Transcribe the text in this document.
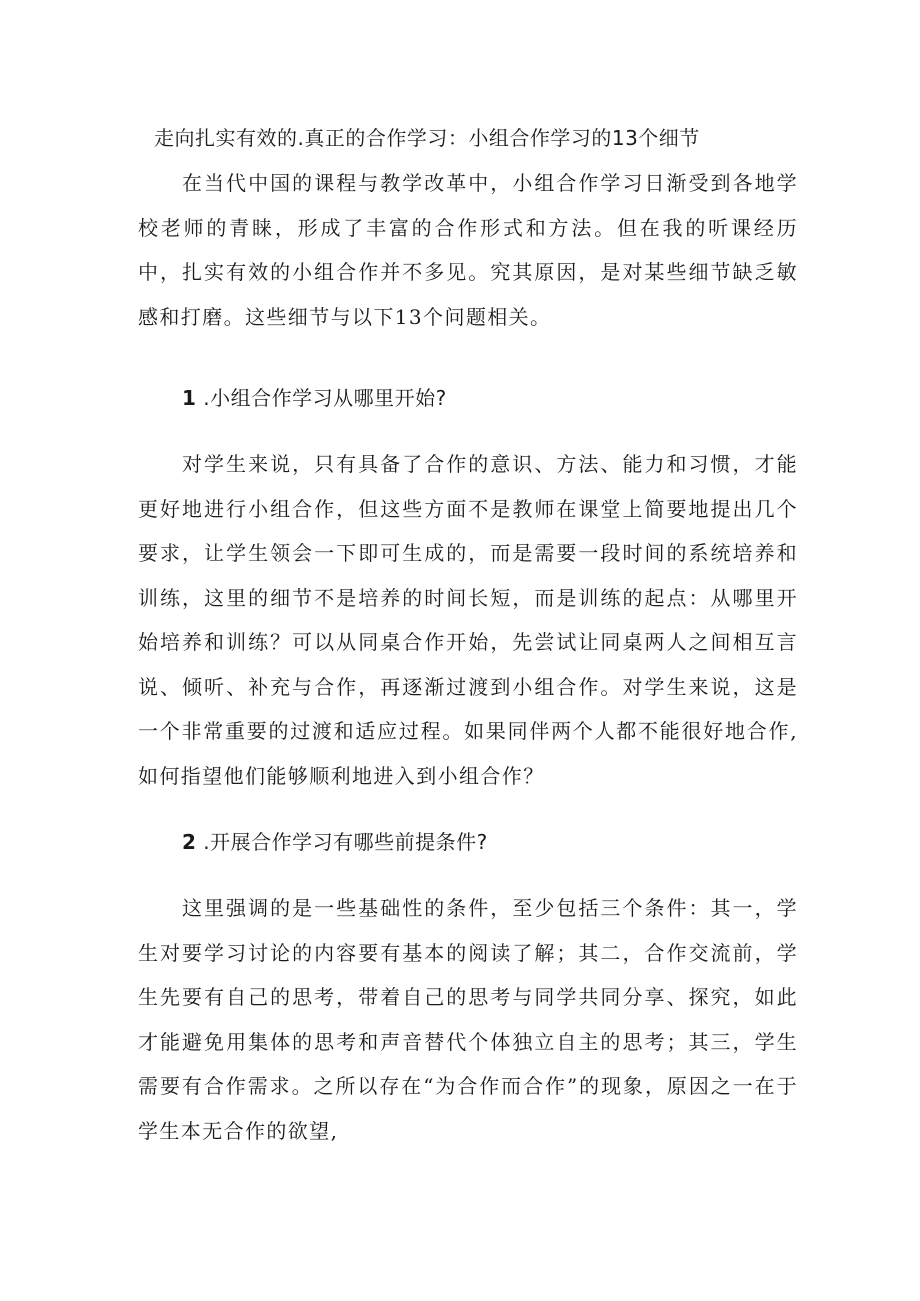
走向扎实有效的.真正的合作学习：小组合作学习的13个细节

在当代中国的课程与教学改革中，小组合作学习日渐受到各地学校老师的青睐，形成了丰富的合作形式和方法。但在我的听课经历中，扎实有效的小组合作并不多见。究其原因，是对某些细节缺乏敏感和打磨。这些细节与以下13个问题相关。

1 .小组合作学习从哪里开始?

对学生来说，只有具备了合作的意识、方法、能力和习惯，才能更好地进行小组合作，但这些方面不是教师在课堂上简要地提出几个要求，让学生领会一下即可生成的，而是需要一段时间的系统培养和训练，这里的细节不是培养的时间长短，而是训练的起点：从哪里开始培养和训练？可以从同桌合作开始，先尝试让同桌两人之间相互言说、倾听、补充与合作，再逐渐过渡到小组合作。对学生来说，这是一个非常重要的过渡和适应过程。如果同伴两个人都不能很好地合作,如何指望他们能够顺利地进入到小组合作？

2 .开展合作学习有哪些前提条件?

这里强调的是一些基础性的条件，至少包括三个条件：其一，学生对要学习讨论的内容要有基本的阅读了解；其二，合作交流前，学生先要有自己的思考，带着自己的思考与同学共同分享、探究，如此才能避免用集体的思考和声音替代个体独立自主的思考；其三，学生需要有合作需求。之所以存在“为合作而合作”的现象，原因之一在于学生本无合作的欲望,
